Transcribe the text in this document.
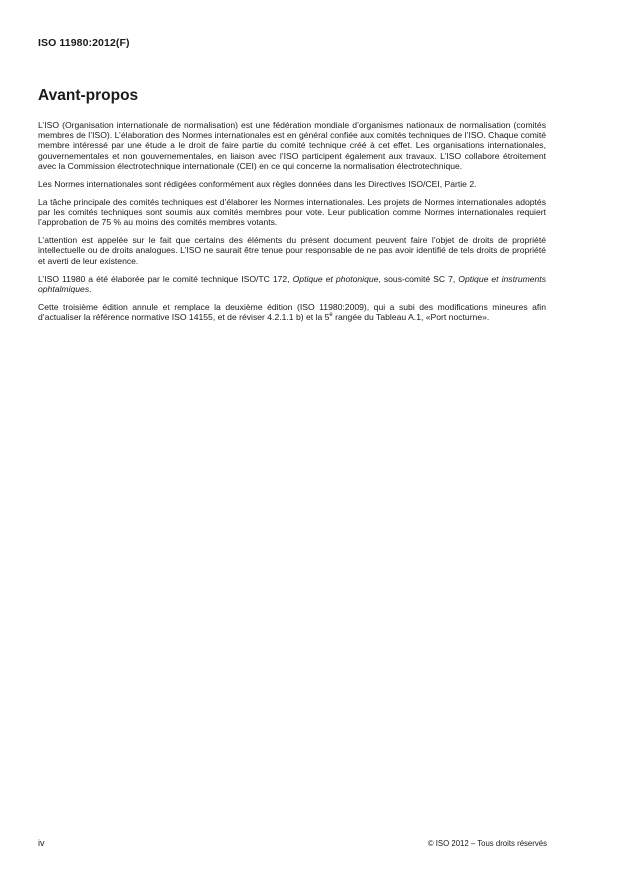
ISO 11980:2012(F)
Avant-propos

L’ISO (Organisation internationale de normalisation) est une fédération mondiale d’organismes nationaux de normalisation (comités membres de l’ISO). L’élaboration des Normes internationales est en général confiée aux comités techniques de l’ISO. Chaque comité membre intéressé par une étude a le droit de faire partie du comité technique créé à cet effet. Les organisations internationales, gouvernementales et non gouvernementales, en liaison avec l’ISO participent également aux travaux. L’ISO collabore étroitement avec la Commission électrotechnique internationale (CEI) en ce qui concerne la normalisation électrotechnique.

Les Normes internationales sont rédigées conformément aux règles données dans les Directives ISO/CEI, Partie 2.

La tâche principale des comités techniques est d’élaborer les Normes internationales. Les projets de Normes internationales adoptés par les comités techniques sont soumis aux comités membres pour vote. Leur publication comme Normes internationales requiert l’approbation de 75 % au moins des comités membres votants.

L’attention est appelée sur le fait que certains des éléments du présent document peuvent faire l’objet de droits de propriété intellectuelle ou de droits analogues. L’ISO ne saurait être tenue pour responsable de ne pas avoir identifié de tels droits de propriété et averti de leur existence.

L’ISO 11980 a été élaborée par le comité technique ISO/TC 172, Optique et photonique, sous-comité SC 7, Optique et instruments ophtalmiques.

Cette troisième édition annule et remplace la deuxième édition (ISO 11980:2009), qui a subi des modifications mineures afin d’actualiser la référence normative ISO 14155, et de réviser 4.2.1.1 b) et la 5e rangée du Tableau A.1, «Port nocturne».

iv	© ISO 2012 – Tous droits réservés
